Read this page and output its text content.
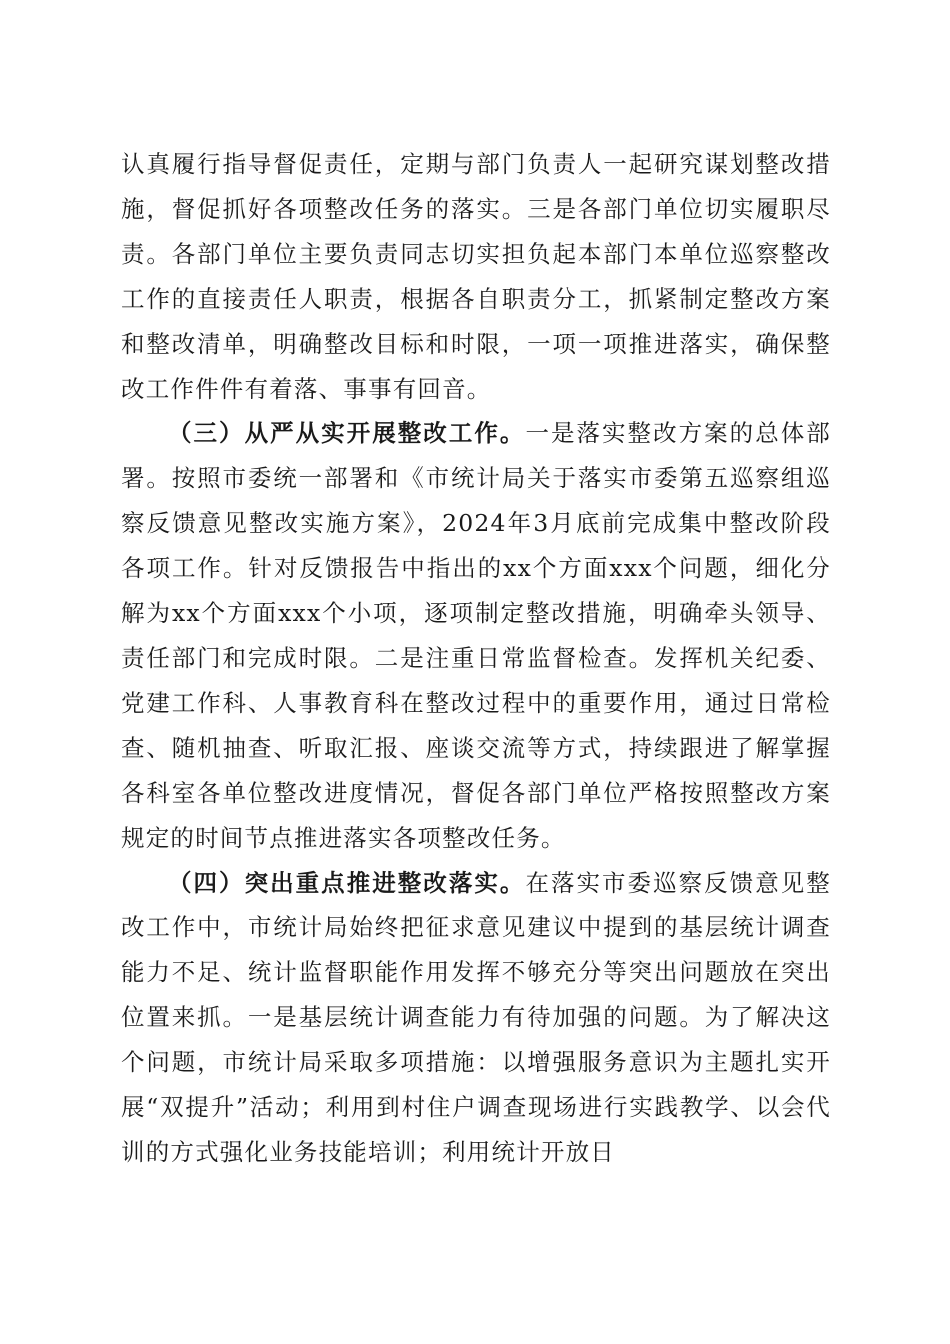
认真履行指导督促责任，定期与部门负责人一起研究谋划整改措施，督促抓好各项整改任务的落实。三是各部门单位切实履职尽责。各部门单位主要负责同志切实担负起本部门本单位巡察整改工作的直接责任人职责，根据各自职责分工，抓紧制定整改方案和整改清单，明确整改目标和时限，一项一项推进落实，确保整改工作件件有着落、事事有回音。

（三）从严从实开展整改工作。一是落实整改方案的总体部署。按照市委统一部署和《市统计局关于落实市委第五巡察组巡察反馈意见整改实施方案》，2024年3月底前完成集中整改阶段各项工作。针对反馈报告中指出的xx个方面xxx个问题，细化分解为xx个方面xxx个小项，逐项制定整改措施，明确牵头领导、责任部门和完成时限。二是注重日常监督检查。发挥机关纪委、党建工作科、人事教育科在整改过程中的重要作用，通过日常检查、随机抽查、听取汇报、座谈交流等方式，持续跟进了解掌握各科室各单位整改进度情况，督促各部门单位严格按照整改方案规定的时间节点推进落实各项整改任务。

（四）突出重点推进整改落实。在落实市委巡察反馈意见整改工作中，市统计局始终把征求意见建议中提到的基层统计调查能力不足、统计监督职能作用发挥不够充分等突出问题放在突出位置来抓。一是基层统计调查能力有待加强的问题。为了解决这个问题，市统计局采取多项措施：以增强服务意识为主题扎实开展“双提升”活动；利用到村住户调查现场进行实践教学、以会代训的方式强化业务技能培训；利用统计开放日
